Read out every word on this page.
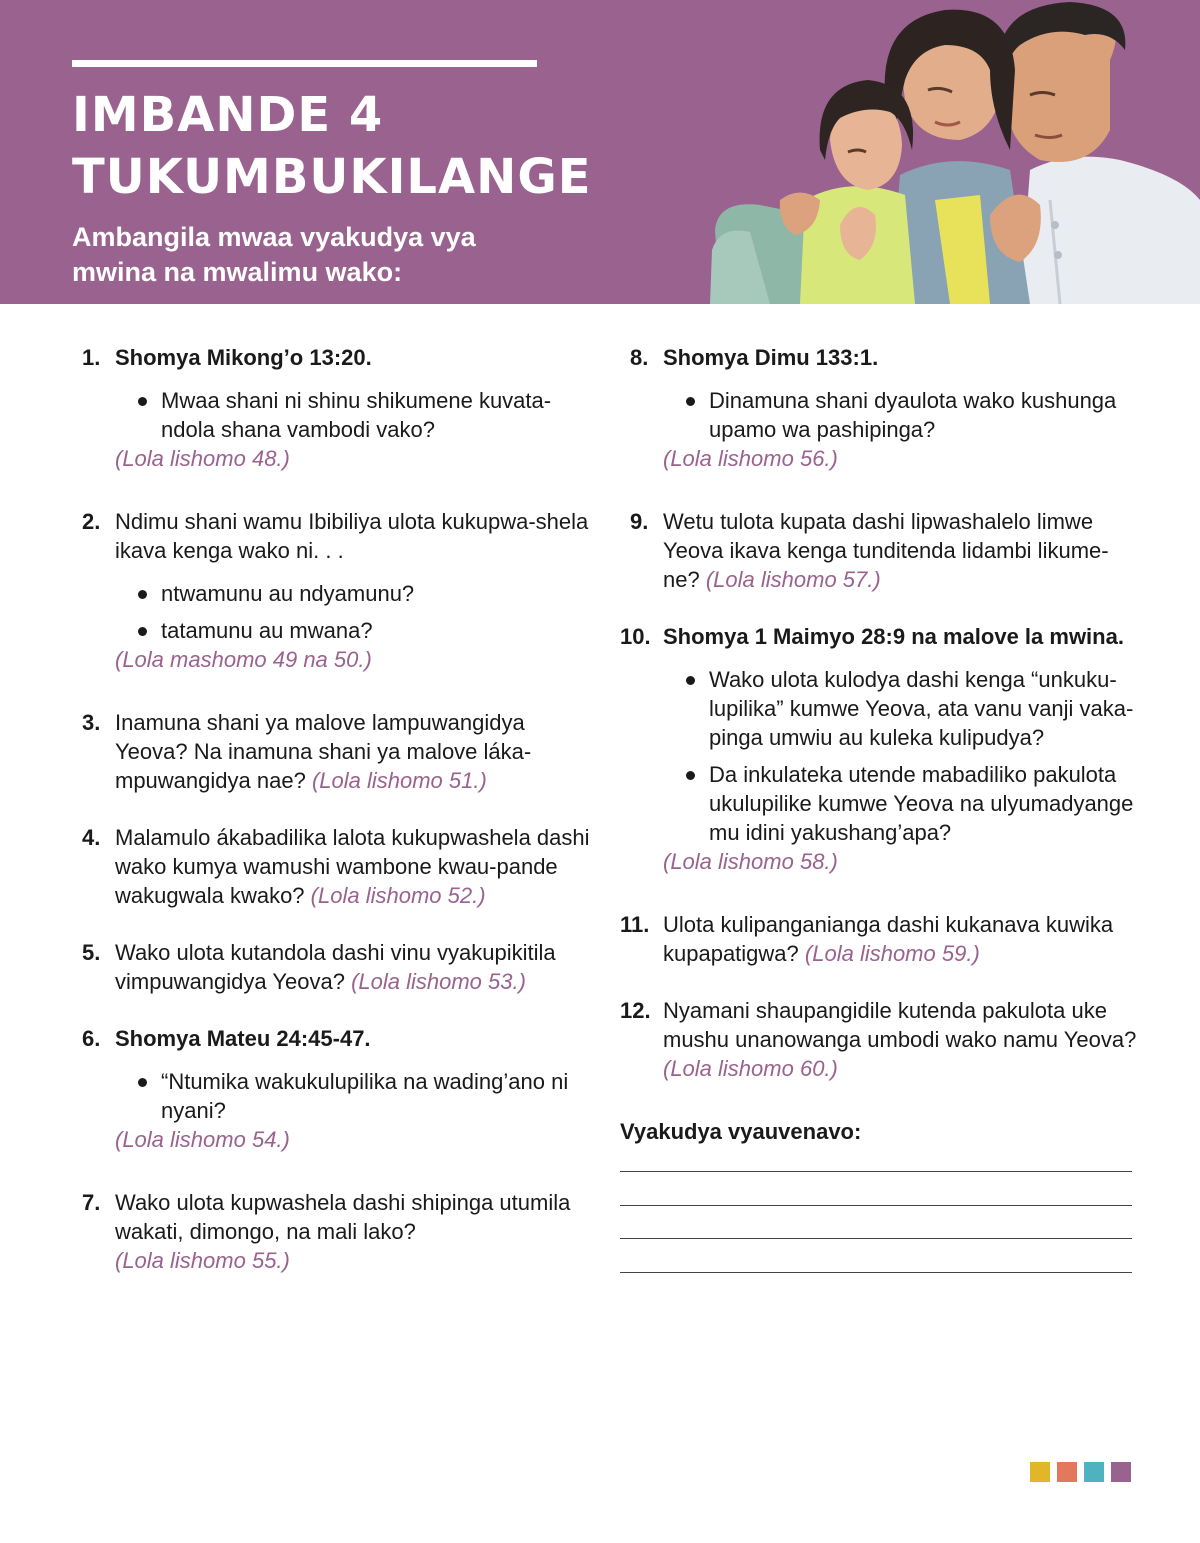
IMBANDE 4
TUKUMBUKILANGE
Ambangila mwaa vyakudya vya
mwina na mwalimu wako:
1. Shomya Mikong’o 13:20.
Mwaa shani ni shinu shikumene kuvata-ndola shana vambodi vako?
(Lola lishomo 48.)
2. Ndimu shani wamu Ibibiliya ulota kukupwa-shela ikava kenga wako ni. . .
ntwamunu au ndyamunu?
tatamunu au mwana?
(Lola mashomo 49 na 50.)
3. Inamuna shani ya malove lampuwangidya Yeova? Na inamuna shani ya malove láka-mpuwangidya nae? (Lola lishomo 51.)
4. Malamulo ákabadilika lalota kukupwashela dashi wako kumya wamushi wambone kwau-pande wakugwala kwako? (Lola lishomo 52.)
5. Wako ulota kutandola dashi vinu vyakupikitila vimpuwangidya Yeova? (Lola lishomo 53.)
6. Shomya Mateu 24:45-47.
“Ntumika wakukulupilika na wading’ano ni nyani?
(Lola lishomo 54.)
7. Wako ulota kupwashela dashi shipinga utumila wakati, dimongo, na mali lako?
(Lola lishomo 55.)
8. Shomya Dimu 133:1.
Dinamuna shani dyaulota wako kushunga upamo wa pashipinga?
(Lola lishomo 56.)
9. Wetu tulota kupata dashi lipwashalelo limwe Yeova ikava kenga tunditenda lidambi likume-ne? (Lola lishomo 57.)
10. Shomya 1 Maimyo 28:9 na malove la mwina.
Wako ulota kulodya dashi kenga “unkuku-lupilika” kumwe Yeova, ata vanu vanji vaka-pinga umwiu au kuleka kulipudya?
Da inkulateka utende mabadiliko pakulota ukulupilike kumwe Yeova na ulyumadyange mu idini yakushang’apa?
(Lola lishomo 58.)
11. Ulota kulipanganianga dashi kukanava kuwika kupapatigwa? (Lola lishomo 59.)
12. Nyamani shaupangidile kutenda pakulota uke mushu unanowanga umbodi wako namu Yeova? (Lola lishomo 60.)
Vyakudya vyauvenavo:
